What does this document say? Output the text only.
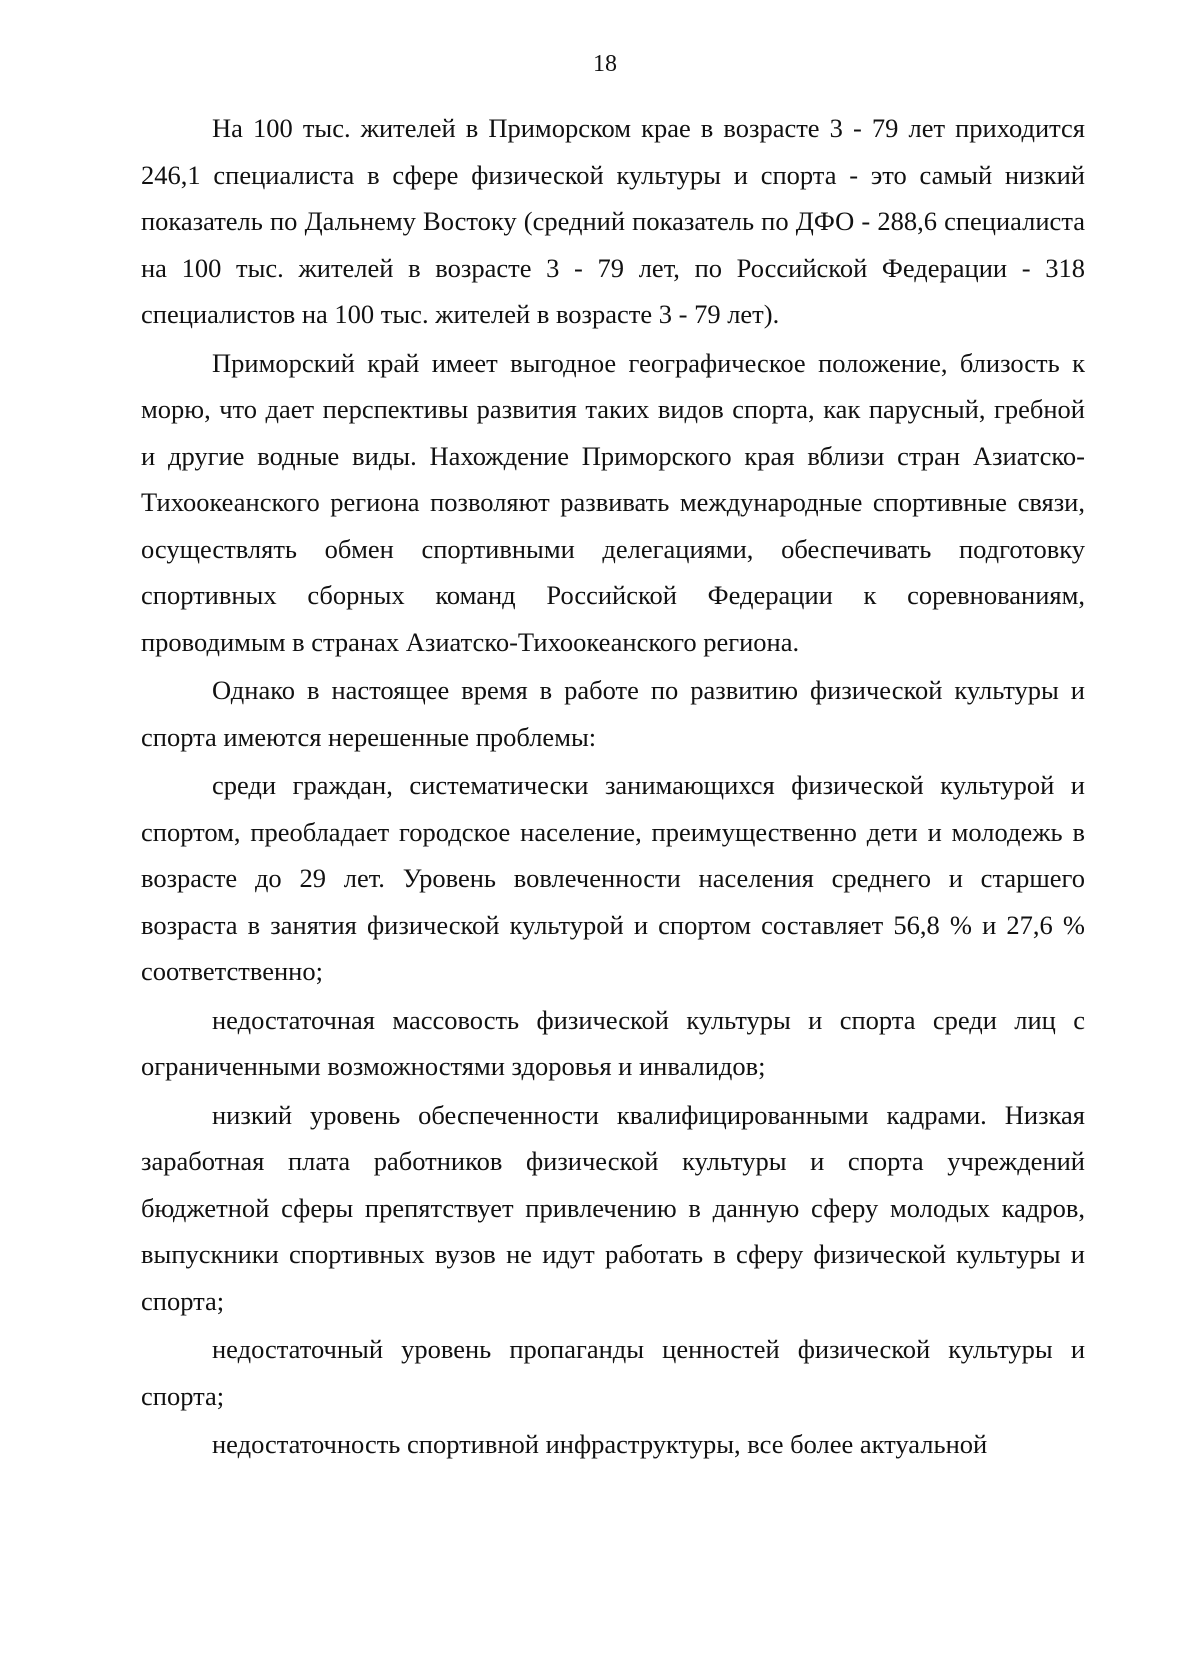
18

На 100 тыс. жителей в Приморском крае в возрасте 3 - 79 лет приходится 246,1 специалиста в сфере физической культуры и спорта - это самый низкий показатель по Дальнему Востоку (средний показатель по ДФО - 288,6 специалиста на 100 тыс. жителей в возрасте 3 - 79 лет, по Российской Федерации - 318 специалистов на 100 тыс. жителей в возрасте 3 - 79 лет).

Приморский край имеет выгодное географическое положение, близость к морю, что дает перспективы развития таких видов спорта, как парусный, гребной и другие водные виды. Нахождение Приморского края вблизи стран Азиатско-Тихоокеанского региона позволяют развивать международные спортивные связи, осуществлять обмен спортивными делегациями, обеспечивать подготовку спортивных сборных команд Российской Федерации к соревнованиям, проводимым в странах Азиатско-Тихоокеанского региона.

Однако в настоящее время в работе по развитию физической культуры и спорта имеются нерешенные проблемы:

среди граждан, систематически занимающихся физической культурой и спортом, преобладает городское население, преимущественно дети и молодежь в возрасте до 29 лет. Уровень вовлеченности населения среднего и старшего возраста в занятия физической культурой и спортом составляет 56,8 % и 27,6 % соответственно;

недостаточная массовость физической культуры и спорта среди лиц с ограниченными возможностями здоровья и инвалидов;

низкий уровень обеспеченности квалифицированными кадрами. Низкая заработная плата работников физической культуры и спорта учреждений бюджетной сферы препятствует привлечению в данную сферу молодых кадров, выпускники спортивных вузов не идут работать в сферу физической культуры и спорта;

недостаточный уровень пропаганды ценностей физической культуры и спорта;

недостаточность спортивной инфраструктуры, все более актуальной
